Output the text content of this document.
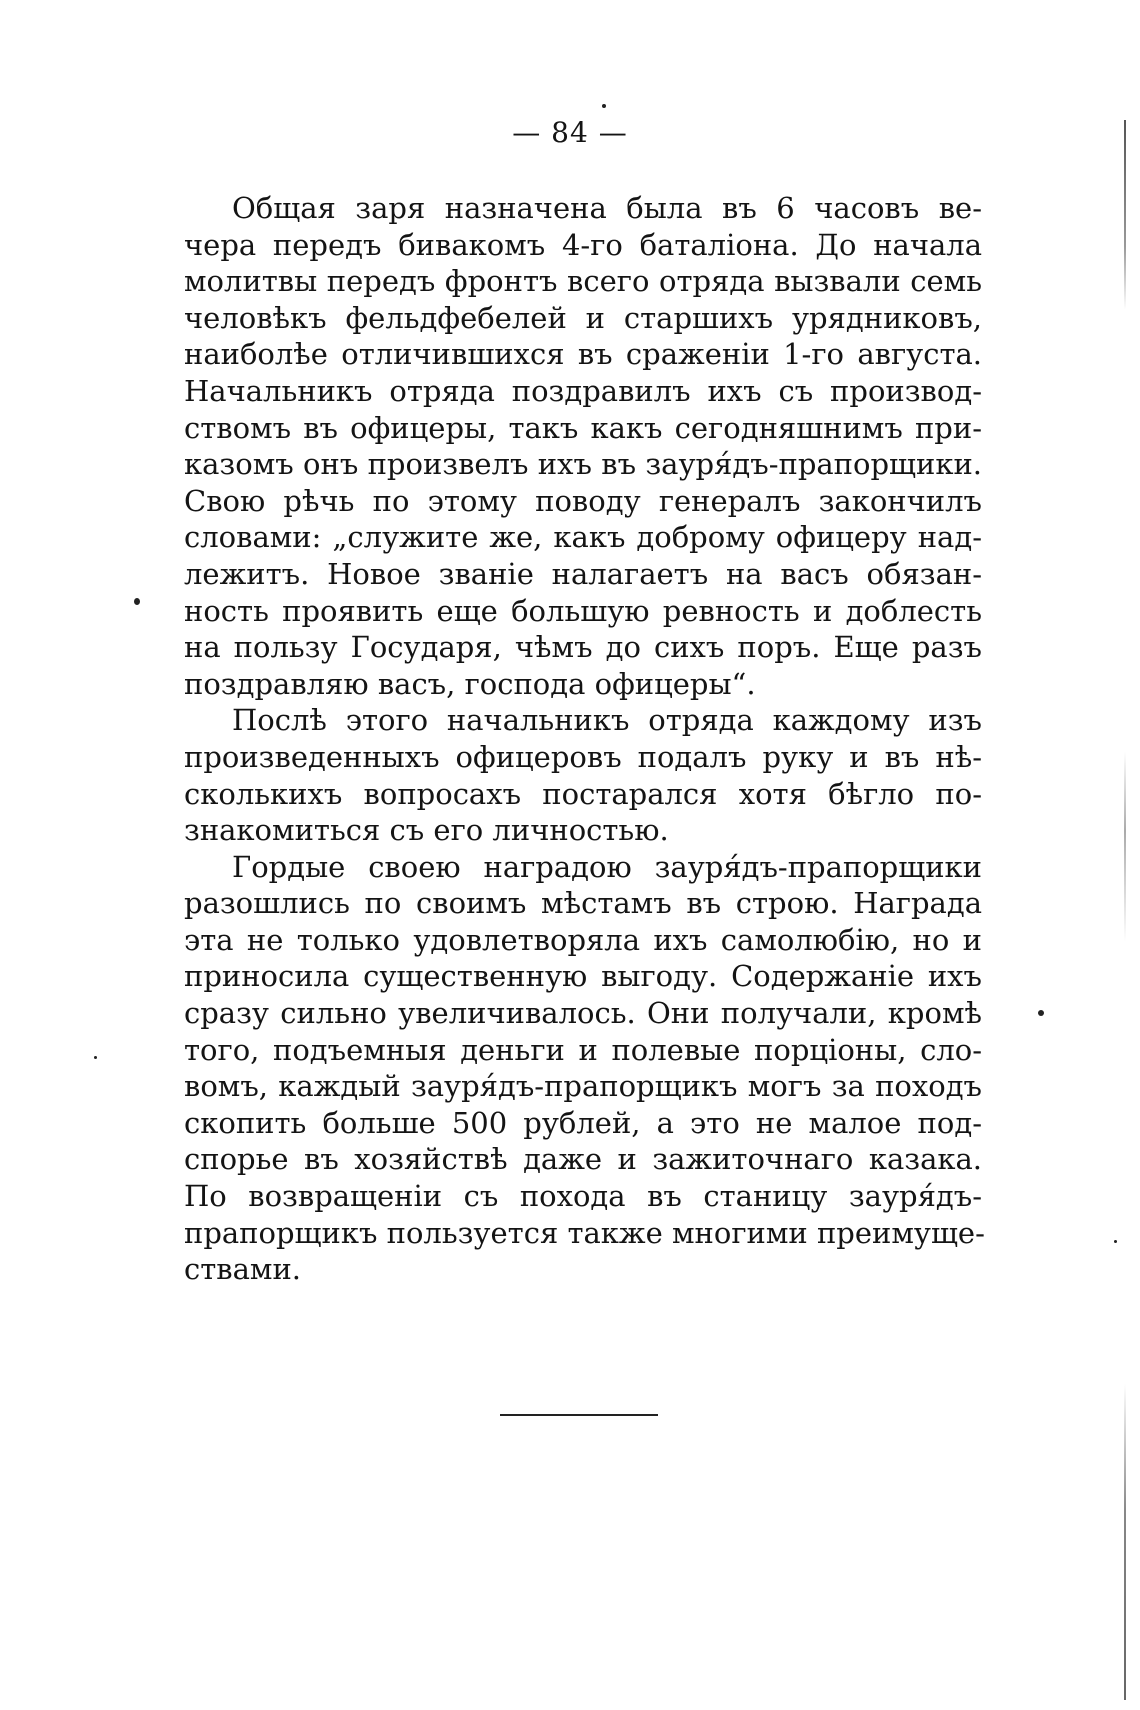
— 84 —
Общая заря назначена была въ 6 часовъ ве-
чера передъ бивакомъ 4-го баталіона. До начала
молитвы передъ фронтъ всего отряда вызвали семь
человѣкъ фельдфебелей и старшихъ урядниковъ,
наиболѣе отличившихся въ сраженіи 1-го августа.
Начальникъ отряда поздравилъ ихъ съ производ-
ствомъ въ офицеры, такъ какъ сегодняшнимъ при-
казомъ онъ произвелъ ихъ въ зауря́дъ-прапорщики.
Свою рѣчь по этому поводу генералъ закончилъ
словами: „служите же, какъ доброму офицеру над-
лежитъ. Новое званіе налагаетъ на васъ обязан-
ность проявить еще большую ревность и доблесть
на пользу Государя, чѣмъ до сихъ поръ. Еще разъ
поздравляю васъ, господа офицеры“.
Послѣ этого начальникъ отряда каждому изъ
произведенныхъ офицеровъ подалъ руку и въ нѣ-
сколькихъ вопросахъ постарался хотя бѣгло по-
знакомиться съ его личностью.
Гордые своею наградою зауря́дъ-прапорщики
разошлись по своимъ мѣстамъ въ строю. Награда
эта не только удовлетворяла ихъ самолюбію, но и
приносила существенную выгоду. Содержаніе ихъ
сразу сильно увеличивалось. Они получали, кромѣ
того, подъемныя деньги и полевые порціоны, сло-
вомъ, каждый зауря́дъ-прапорщикъ могъ за походъ
скопить больше 500 рублей, а это не малое под-
спорье въ хозяйствѣ даже и зажиточнаго казака.
По возвращеніи съ похода въ станицу зауря́дъ-
прапорщикъ пользуется также многими преимуще-
ствами.
